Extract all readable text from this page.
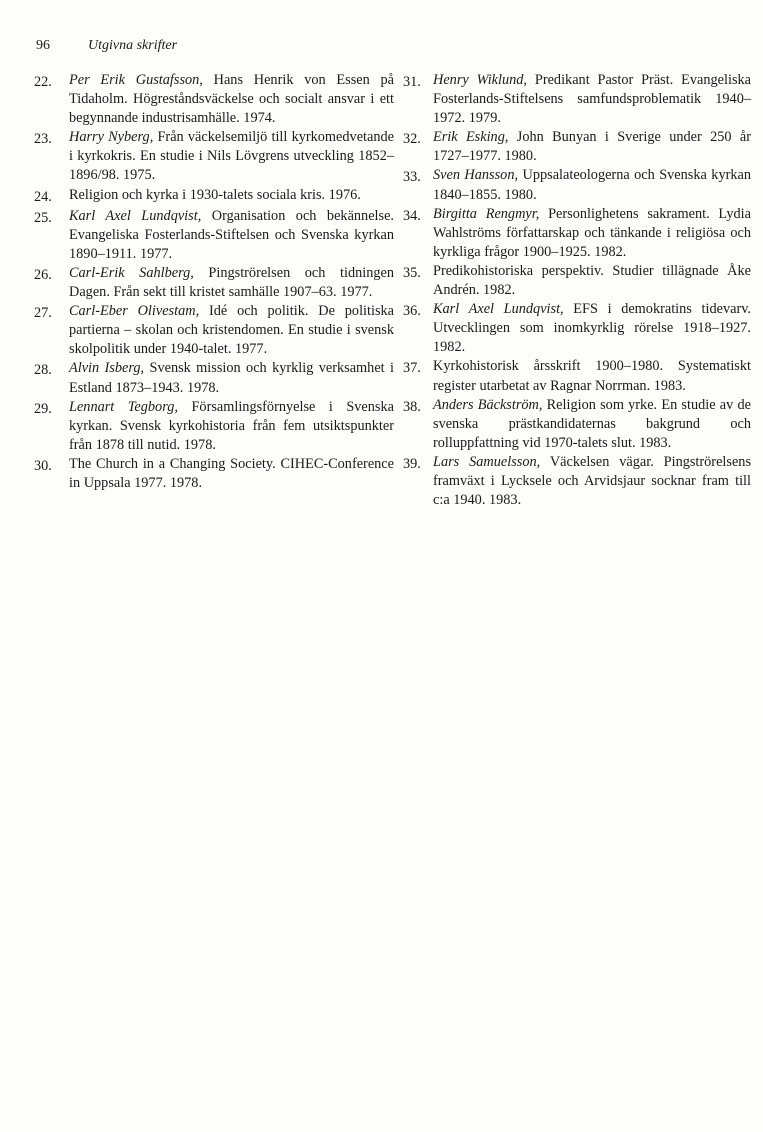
96	Utgivna skrifter
22.	Per Erik Gustafsson, Hans Henrik von Essen på Tidaholm. Högreståndsväckelse och socialt ansvar i ett begynnande industrisamhälle. 1974.
23.	Harry Nyberg, Från väckelsemiljö till kyrkomedvetande i kyrkokris. En studie i Nils Lövgrens utveckling 1852–1896/98. 1975.
24.	Religion och kyrka i 1930-talets sociala kris. 1976.
25.	Karl Axel Lundqvist, Organisation och bekännelse. Evangeliska Fosterlands-Stiftelsen och Svenska kyrkan 1890–1911. 1977.
26.	Carl-Erik Sahlberg, Pingströrelsen och tidningen Dagen. Från sekt till kristet samhälle 1907–63. 1977.
27.	Carl-Eber Olivestam, Idé och politik. De politiska partierna – skolan och kristendomen. En studie i svensk skolpolitik under 1940-talet. 1977.
28.	Alvin Isberg, Svensk mission och kyrklig verksamhet i Estland 1873–1943. 1978.
29.	Lennart Tegborg, Församlingsförnyelse i Svenska kyrkan. Svensk kyrkohistoria från fem utsiktspunkter från 1878 till nutid. 1978.
30.	The Church in a Changing Society. CIHEC-Conference in Uppsala 1977. 1978.
31. Henry Wiklund, Predikant Pastor Präst. Evangeliska Fosterlands-Stiftelsens samfundsproblematik 1940–1972. 1979.
32. Erik Esking, John Bunyan i Sverige under 250 år 1727–1977. 1980.
33. Sven Hansson, Uppsalateologerna och Svenska kyrkan 1840–1855. 1980.
34. Birgitta Rengmyr, Personlighetens sakrament. Lydia Wahlströms författarskap och tänkande i religiösa och kyrkliga frågor 1900–1925. 1982.
35. Predikohistoriska perspektiv. Studier tillägnade Åke Andrén. 1982.
36. Karl Axel Lundqvist, EFS i demokratins tidevarv. Utvecklingen som inomkyrklig rörelse 1918–1927. 1982.
37. Kyrkohistorisk årsskrift 1900–1980. Systematiskt register utarbetat av Ragnar Norrman. 1983.
38. Anders Bäckström, Religion som yrke. En studie av de svenska prästkandidaternas bakgrund och rolluppfattning vid 1970-talets slut. 1983.
39. Lars Samuelsson, Väckelsen vägar. Pingströrelsens framväxt i Lycksele och Arvidsjaur socknar fram till c:a 1940. 1983.
